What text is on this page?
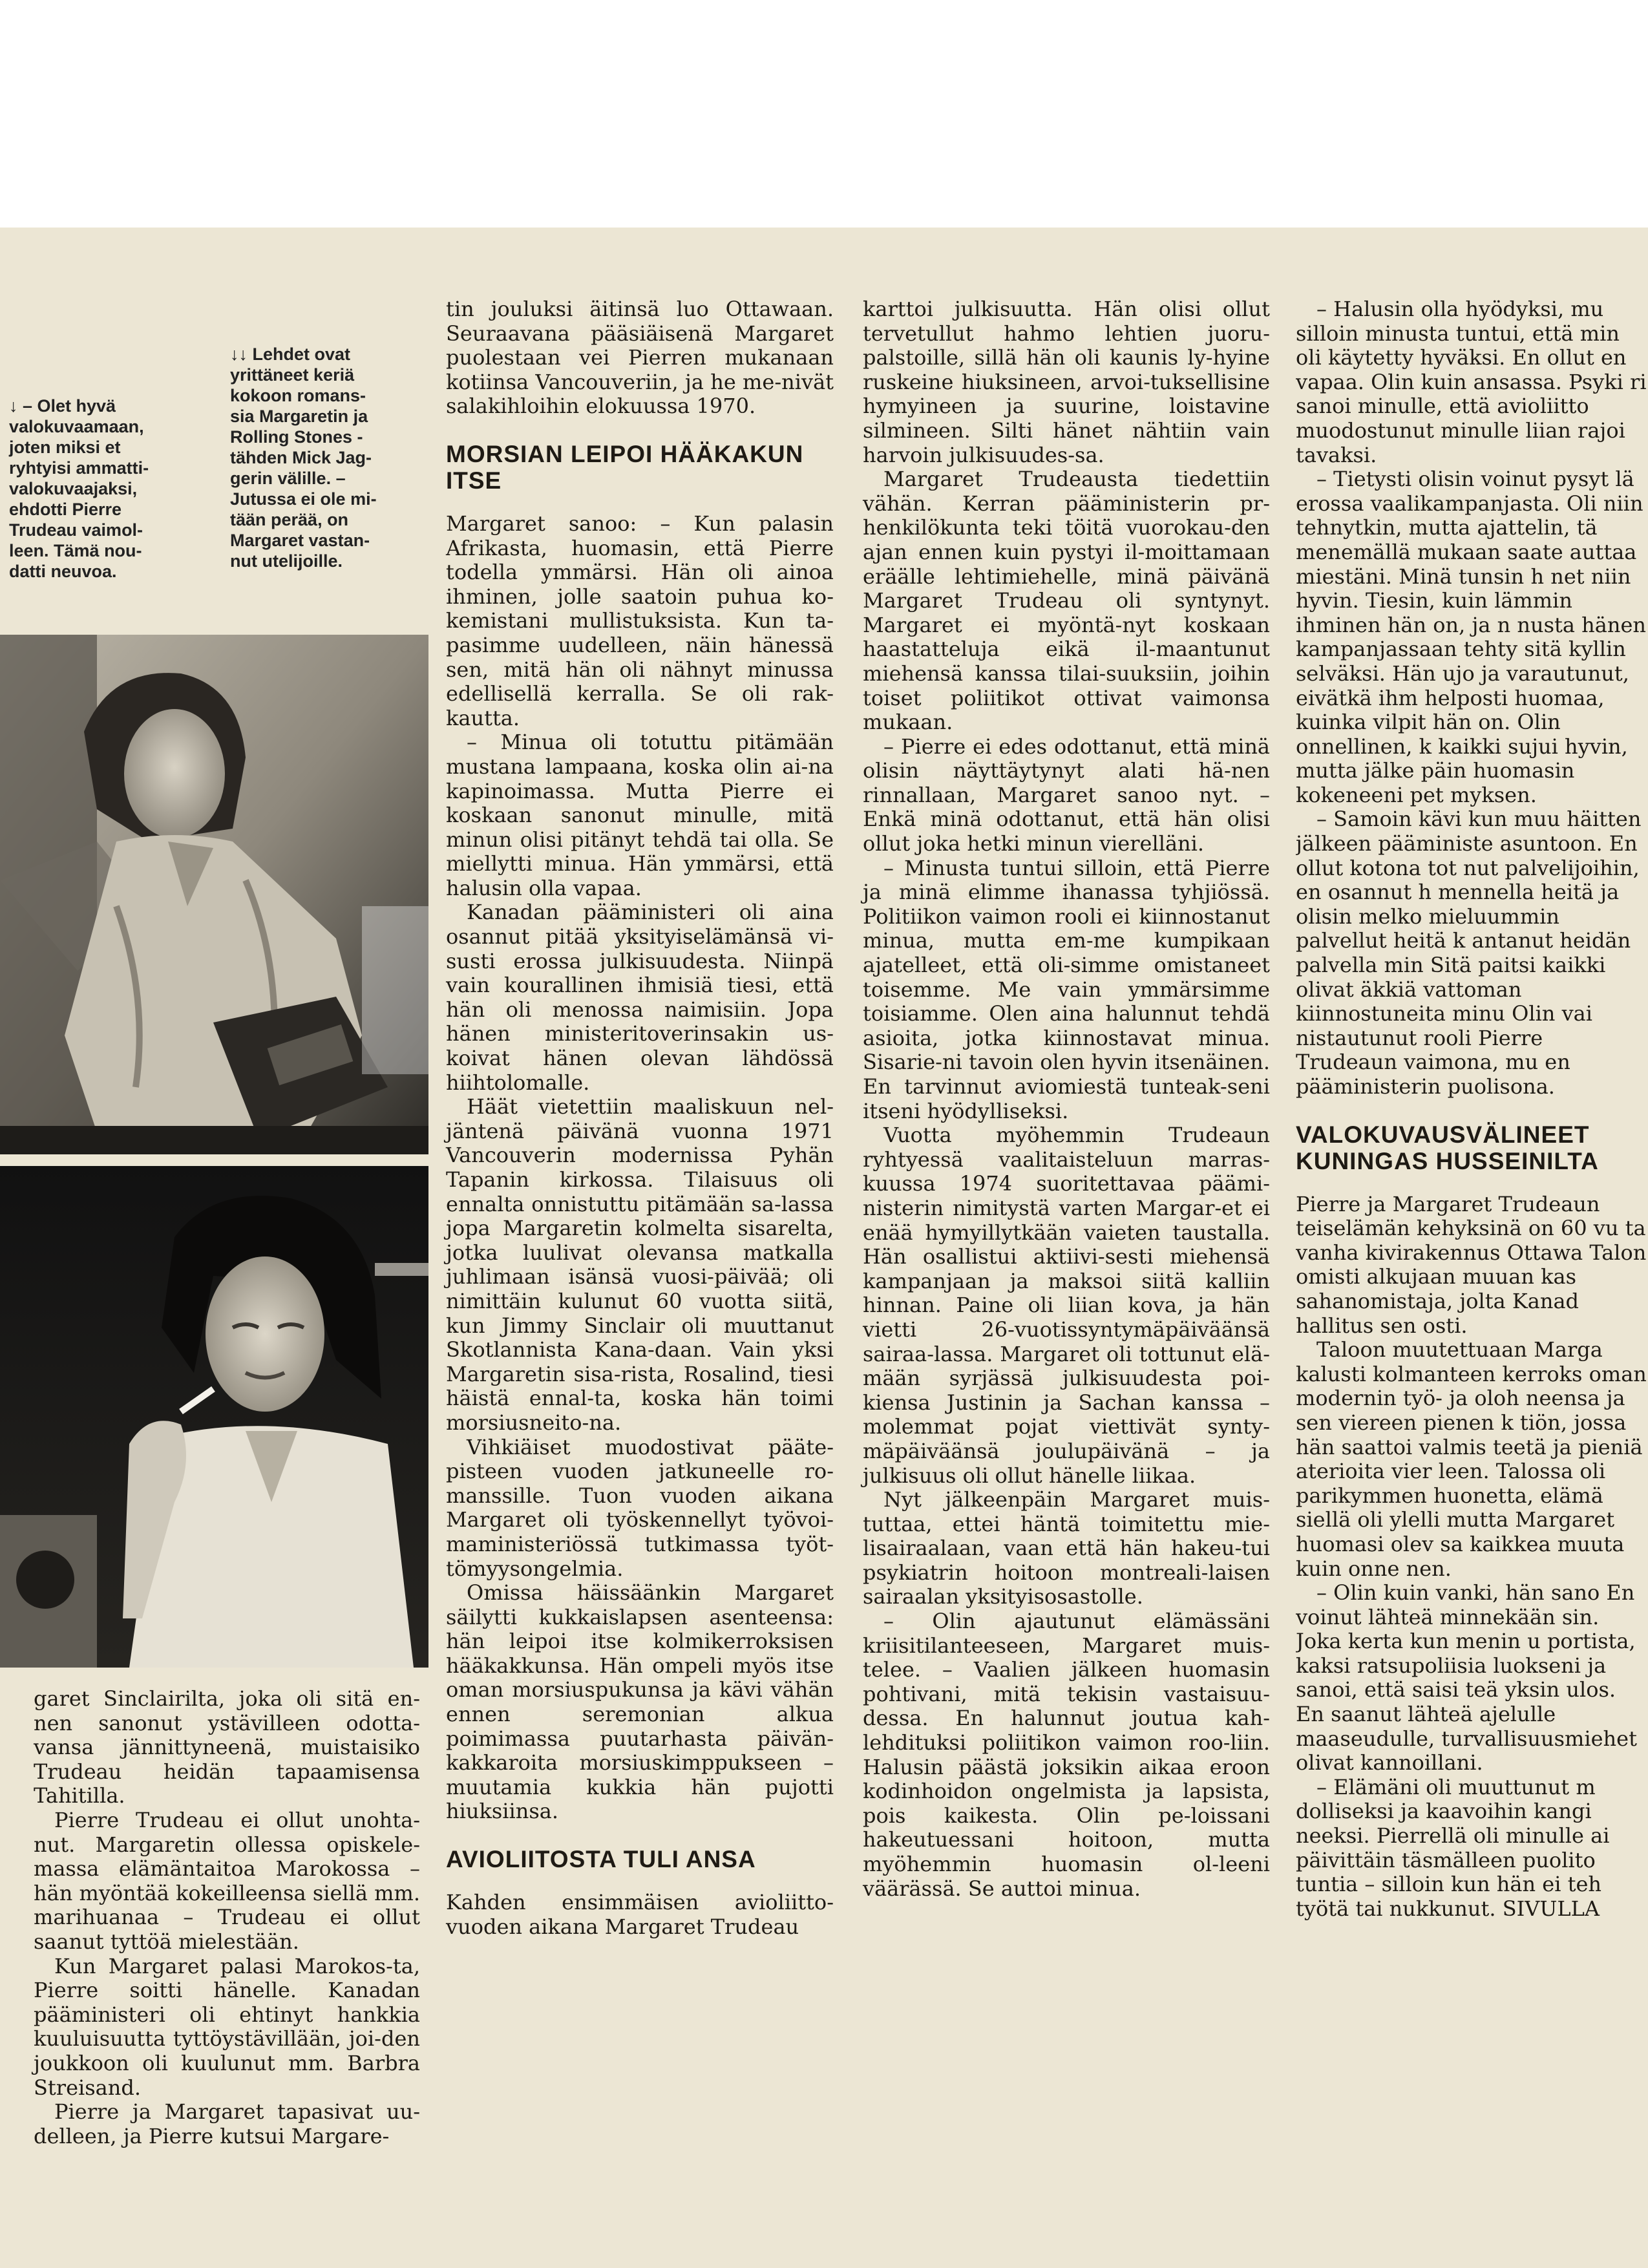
↓ – Olet hyvä
valokuvaamaan,
joten miksi et
ryhtyisi ammatti-
valokuvaajaksi,
ehdotti Pierre
Trudeau vaimol-
leen. Tämä nou-
datti neuvoa.
↓↓ Lehdet ovat
yrittäneet keriä
kokoon romans-
sia Margaretin ja
Rolling Stones -
tähden Mick Jag-
gerin välille. –
Jutussa ei ole mi-
tään perää, on
Margaret vastan-
nut utelijoille.

garet Sinclairilta, joka oli sitä en-nen sanonut ystävilleen odotta-vansa jännittyneenä, muistaisiko Trudeau heidän tapaamisensa Tahitilla.

Pierre Trudeau ei ollut unohta-nut. Margaretin ollessa opiskele-massa elämäntaitoa Marokossa – hän myöntää kokeilleensa siellä mm. marihuanaa – Trudeau ei ollut saanut tyttöä mielestään.

Kun Margaret palasi Marokos-ta, Pierre soitti hänelle. Kanadan pääministeri oli ehtinyt hankkia kuuluisuutta tyttöystävillään, joi-den joukkoon oli kuulunut mm. Barbra Streisand.

Pierre ja Margaret tapasivat uu-delleen, ja Pierre kutsui Margare-

tin jouluksi äitinsä luo Ottawaan. Seuraavana pääsiäisenä Margaret puolestaan vei Pierren mukanaan kotiinsa Vancouveriin, ja he me-nivät salakihloihin elokuussa 1970.

MORSIAN LEIPOI HÄÄKAKUN ITSE

Margaret sanoo: – Kun palasin Afrikasta, huomasin, että Pierre todella ymmärsi. Hän oli ainoa ihminen, jolle saatoin puhua ko-kemistani mullistuksista. Kun ta-pasimme uudelleen, näin hänessä sen, mitä hän oli nähnyt minussa edellisellä kerralla. Se oli rak-kautta.

– Minua oli totuttu pitämään mustana lampaana, koska olin ai-na kapinoimassa. Mutta Pierre ei koskaan sanonut minulle, mitä minun olisi pitänyt tehdä tai olla. Se miellytti minua. Hän ymmärsi, että halusin olla vapaa.

Kanadan pääministeri oli aina osannut pitää yksityiselämänsä vi-susti erossa julkisuudesta. Niinpä vain kourallinen ihmisiä tiesi, että hän oli menossa naimisiin. Jopa hänen ministeritoverinsakin us-koivat hänen olevan lähdössä hiihtolomalle.

Häät vietettiin maaliskuun nel-jäntenä päivänä vuonna 1971 Vancouverin modernissa Pyhän Tapanin kirkossa. Tilaisuus oli ennalta onnistuttu pitämään sa-lassa jopa Margaretin kolmelta sisarelta, jotka luulivat olevansa matkalla juhlimaan isänsä vuosi-päivää; oli nimittäin kulunut 60 vuotta siitä, kun Jimmy Sinclair oli muuttanut Skotlannista Kana-daan. Vain yksi Margaretin sisa-rista, Rosalind, tiesi häistä ennal-ta, koska hän toimi morsiusneito-na.

Vihkiäiset muodostivat pääte-pisteen vuoden jatkuneelle ro-manssille. Tuon vuoden aikana Margaret oli työskennellyt työvoi-maministeriössä tutkimassa työt-tömyysongelmia.

Omissa häissäänkin Margaret säilytti kukkaislapsen asenteensa: hän leipoi itse kolmikerroksisen hääkakkunsa. Hän ompeli myös itse oman morsiuspukunsa ja kävi vähän ennen seremonian alkua poimimassa puutarhasta päivän-kakkaroita morsiuskimppukseen – muutamia kukkia hän pujotti hiuksiinsa.

AVIOLIITOSTA TULI ANSA

Kahden ensimmäisen avioliitto-vuoden aikana Margaret Trudeau

karttoi julkisuutta. Hän olisi ollut tervetullut hahmo lehtien juoru-palstoille, sillä hän oli kaunis ly-hyine ruskeine hiuksineen, arvoi-tuksellisine hymyineen ja suurine, loistavine silmineen. Silti hänet nähtiin vain harvoin julkisuudes-sa.

Margaret Trudeausta tiedettiin vähän. Kerran pääministerin pr-henkilökunta teki töitä vuorokau-den ajan ennen kuin pystyi il-moittamaan eräälle lehtimiehelle, minä päivänä Margaret Trudeau oli syntynyt. Margaret ei myöntä-nyt koskaan haastatteluja eikä il-maantunut miehensä kanssa tilai-suuksiin, joihin toiset poliitikot ottivat vaimonsa mukaan.

– Pierre ei edes odottanut, että minä olisin näyttäytynyt alati hä-nen rinnallaan, Margaret sanoo nyt. – Enkä minä odottanut, että hän olisi ollut joka hetki minun vierelläni.

– Minusta tuntui silloin, että Pierre ja minä elimme ihanassa tyhjiössä. Politiikon vaimon rooli ei kiinnostanut minua, mutta em-me kumpikaan ajatelleet, että oli-simme omistaneet toisemme. Me vain ymmärsimme toisiamme. Olen aina halunnut tehdä asioita, jotka kiinnostavat minua. Sisarie-ni tavoin olen hyvin itsenäinen. En tarvinnut aviomiestä tunteak-seni itseni hyödylliseksi.

Vuotta myöhemmin Trudeaun ryhtyessä vaalitaisteluun marras-kuussa 1974 suoritettavaa päämi-nisterin nimitystä varten Margar-et ei enää hymyillytkään vaieten taustalla. Hän osallistui aktiivi-sesti miehensä kampanjaan ja maksoi siitä kalliin hinnan. Paine oli liian kova, ja hän vietti 26-vuotissyntymäpäiväänsä sairaa-lassa. Margaret oli tottunut elä-mään syrjässä julkisuudesta poi-kiensa Justinin ja Sachan kanssa – molemmat pojat viettivät synty-mäpäiväänsä joulupäivänä – ja julkisuus oli ollut hänelle liikaa.

Nyt jälkeenpäin Margaret muis-tuttaa, ettei häntä toimitettu mie-lisairaalaan, vaan että hän hakeu-tui psykiatrin hoitoon montreali-laisen sairaalan yksityisosastolle.

– Olin ajautunut elämässäni kriisitilanteeseen, Margaret muis-telee. – Vaalien jälkeen huomasin pohtivani, mitä tekisin vastaisuu-dessa. En halunnut joutua kah-lehdituksi poliitikon vaimon roo-liin. Halusin päästä joksikin aikaa eroon kodinhoidon ongelmista ja lapsista, pois kaikesta. Olin pe-loissani hakeutuessani hoitoon, mutta myöhemmin huomasin ol-leeni väärässä. Se auttoi minua.

– Halusin olla hyödyksi, mu silloin minusta tuntui, että min oli käytetty hyväksi. En ollut en vapaa. Olin kuin ansassa. Psyki ri sanoi minulle, että avioliitto muodostunut minulle liian rajoi tavaksi.

– Tietysti olisin voinut pysyt lä erossa vaalikampanjasta. Oli niin tehnytkin, mutta ajattelin, tä menemällä mukaan saate auttaa miestäni. Minä tunsin h net niin hyvin. Tiesin, kuin lämmin ihminen hän on, ja n nusta hänen kampanjassaan tehty sitä kyllin selväksi. Hän ujo ja varautunut, eivätkä ihm helposti huomaa, kuinka vilpit hän on. Olin onnellinen, k kaikki sujui hyvin, mutta jälke päin huomasin kokeneeni pet myksen.

– Samoin kävi kun muu häitten jälkeen pääministe asuntoon. En ollut kotona tot nut palvelijoihin, en osannut h mennella heitä ja olisin melko mieluummin palvellut heitä k antanut heidän palvella min Sitä paitsi kaikki olivat äkkiä vattoman kiinnostuneita minu Olin vai nistautunut rooli Pierre Trudeaun vaimona, mu en pääministerin puolisona.

VALOKUVAUSVÄLINEET KUNINGAS HUSSEINILTA

Pierre ja Margaret Trudeaun teiselämän kehyksinä on 60 vu ta vanha kivirakennus Ottawa Talon omisti alkujaan muuan kas sahanomistaja, jolta Kanad hallitus sen osti.

Taloon muutettuaan Marga kalusti kolmanteen kerroks oman modernin työ- ja oloh neensa ja sen viereen pienen k tiön, jossa hän saattoi valmis teetä ja pieniä aterioita vier leen. Talossa oli parikymmen huonetta, elämä siellä oli ylelli mutta Margaret huomasi olev sa kaikkea muuta kuin onne nen.

– Olin kuin vanki, hän sano En voinut lähteä minnekään sin. Joka kerta kun menin u portista, kaksi ratsupoliisia luokseni ja sanoi, että saisi teä yksin ulos. En saanut lähteä ajelulle maaseudulle, turvallisuusmiehet olivat kannoillani.

– Elämäni oli muuttunut m dolliseksi ja kaavoihin kangi neeksi. Pierrellä oli minulle ai päivittäin täsmälleen puolito tuntia – silloin kun hän ei teh työtä tai nukkunut. SIVULLA
